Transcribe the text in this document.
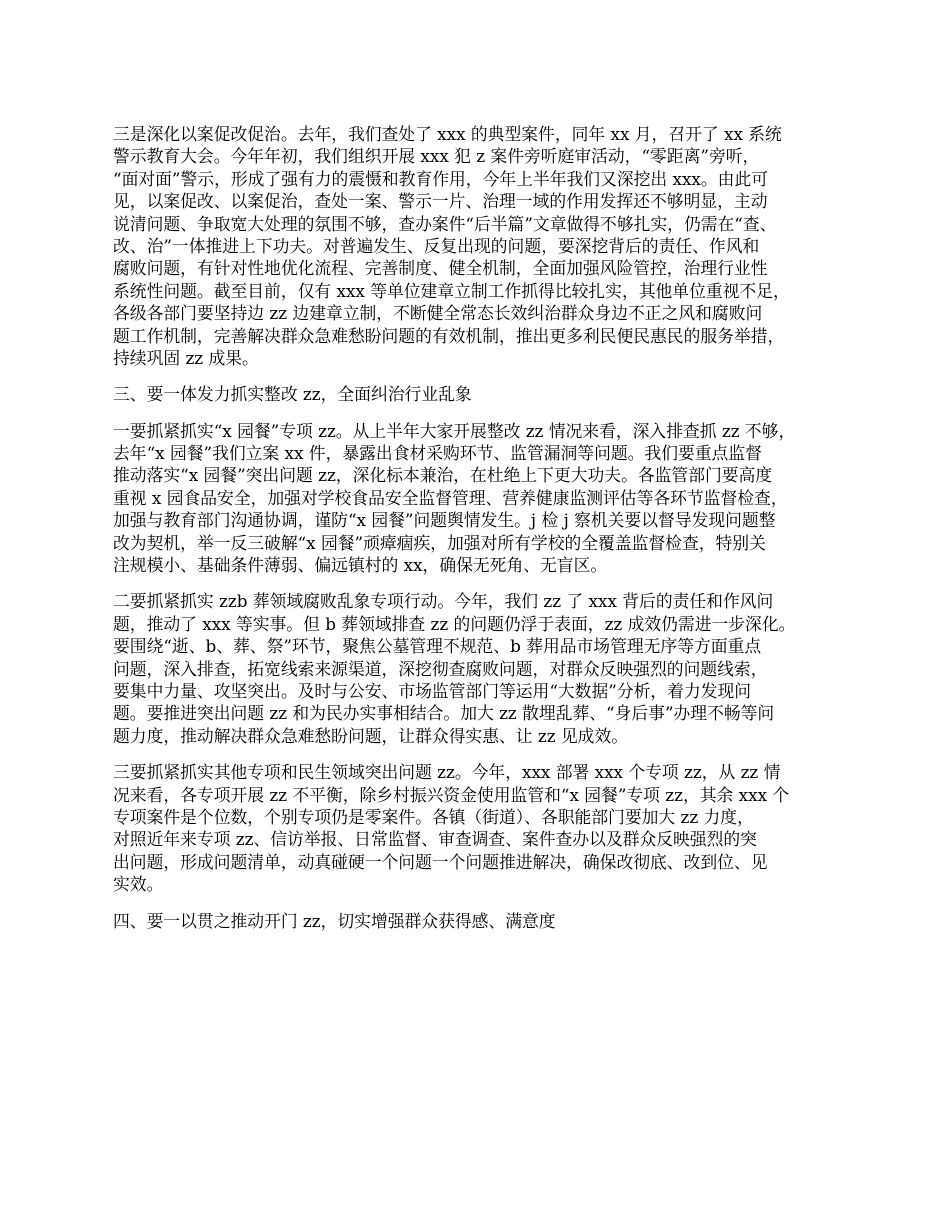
三是深化以案促改促治。去年，我们查处了 xxx 的典型案件，同年 xx 月，召开了 xx 系统
警示教育大会。今年年初，我们组织开展 xxx 犯 z 案件旁听庭审活动，“零距离”旁听，
“面对面”警示，形成了强有力的震慑和教育作用，今年上半年我们又深挖出 xxx。由此可
见，以案促改、以案促治，查处一案、警示一片、治理一域的作用发挥还不够明显，主动
说清问题、争取宽大处理的氛围不够，查办案件“后半篇”文章做得不够扎实，仍需在“查、
改、治”一体推进上下功夫。对普遍发生、反复出现的问题，要深挖背后的责任、作风和
腐败问题，有针对性地优化流程、完善制度、健全机制，全面加强风险管控，治理行业性
系统性问题。截至目前，仅有 xxx 等单位建章立制工作抓得比较扎实，其他单位重视不足，
各级各部门要坚持边 zz 边建章立制，不断健全常态长效纠治群众身边不正之风和腐败问
题工作机制，完善解决群众急难愁盼问题的有效机制，推出更多利民便民惠民的服务举措，
持续巩固 zz 成果。

三、要一体发力抓实整改 zz，全面纠治行业乱象

一要抓紧抓实“x 园餐”专项 zz。从上半年大家开展整改 zz 情况来看，深入排查抓 zz 不够，
去年“x 园餐”我们立案 xx 件，暴露出食材采购环节、监管漏洞等问题。我们要重点监督
推动落实“x 园餐”突出问题 zz，深化标本兼治，在杜绝上下更大功夫。各监管部门要高度
重视 x 园食品安全，加强对学校食品安全监督管理、营养健康监测评估等各环节监督检查，
加强与教育部门沟通协调，谨防“x 园餐”问题舆情发生。j 检 j 察机关要以督导发现问题整
改为契机，举一反三破解“x 园餐”顽瘴痼疾，加强对所有学校的全覆盖监督检查，特别关
注规模小、基础条件薄弱、偏远镇村的 xx，确保无死角、无盲区。

二要抓紧抓实 zzb 葬领域腐败乱象专项行动。今年，我们 zz 了 xxx 背后的责任和作风问
题，推动了 xxx 等实事。但 b 葬领域排查 zz 的问题仍浮于表面，zz 成效仍需进一步深化。
要围绕“逝、b、葬、祭”环节，聚焦公墓管理不规范、b 葬用品市场管理无序等方面重点
问题，深入排查，拓宽线索来源渠道，深挖彻查腐败问题，对群众反映强烈的问题线索，
要集中力量、攻坚突出。及时与公安、市场监管部门等运用“大数据”分析，着力发现问
题。要推进突出问题 zz 和为民办实事相结合。加大 zz 散埋乱葬、“身后事”办理不畅等问
题力度，推动解决群众急难愁盼问题，让群众得实惠、让 zz 见成效。

三要抓紧抓实其他专项和民生领域突出问题 zz。今年，xxx 部署 xxx 个专项 zz，从 zz 情
况来看，各专项开展 zz 不平衡，除乡村振兴资金使用监管和“x 园餐”专项 zz，其余 xxx 个
专项案件是个位数，个别专项仍是零案件。各镇（街道）、各职能部门要加大 zz 力度，
对照近年来专项 zz、信访举报、日常监督、审查调查、案件查办以及群众反映强烈的突
出问题，形成问题清单，动真碰硬一个问题一个问题推进解决，确保改彻底、改到位、见
实效。

四、要一以贯之推动开门 zz，切实增强群众获得感、满意度
